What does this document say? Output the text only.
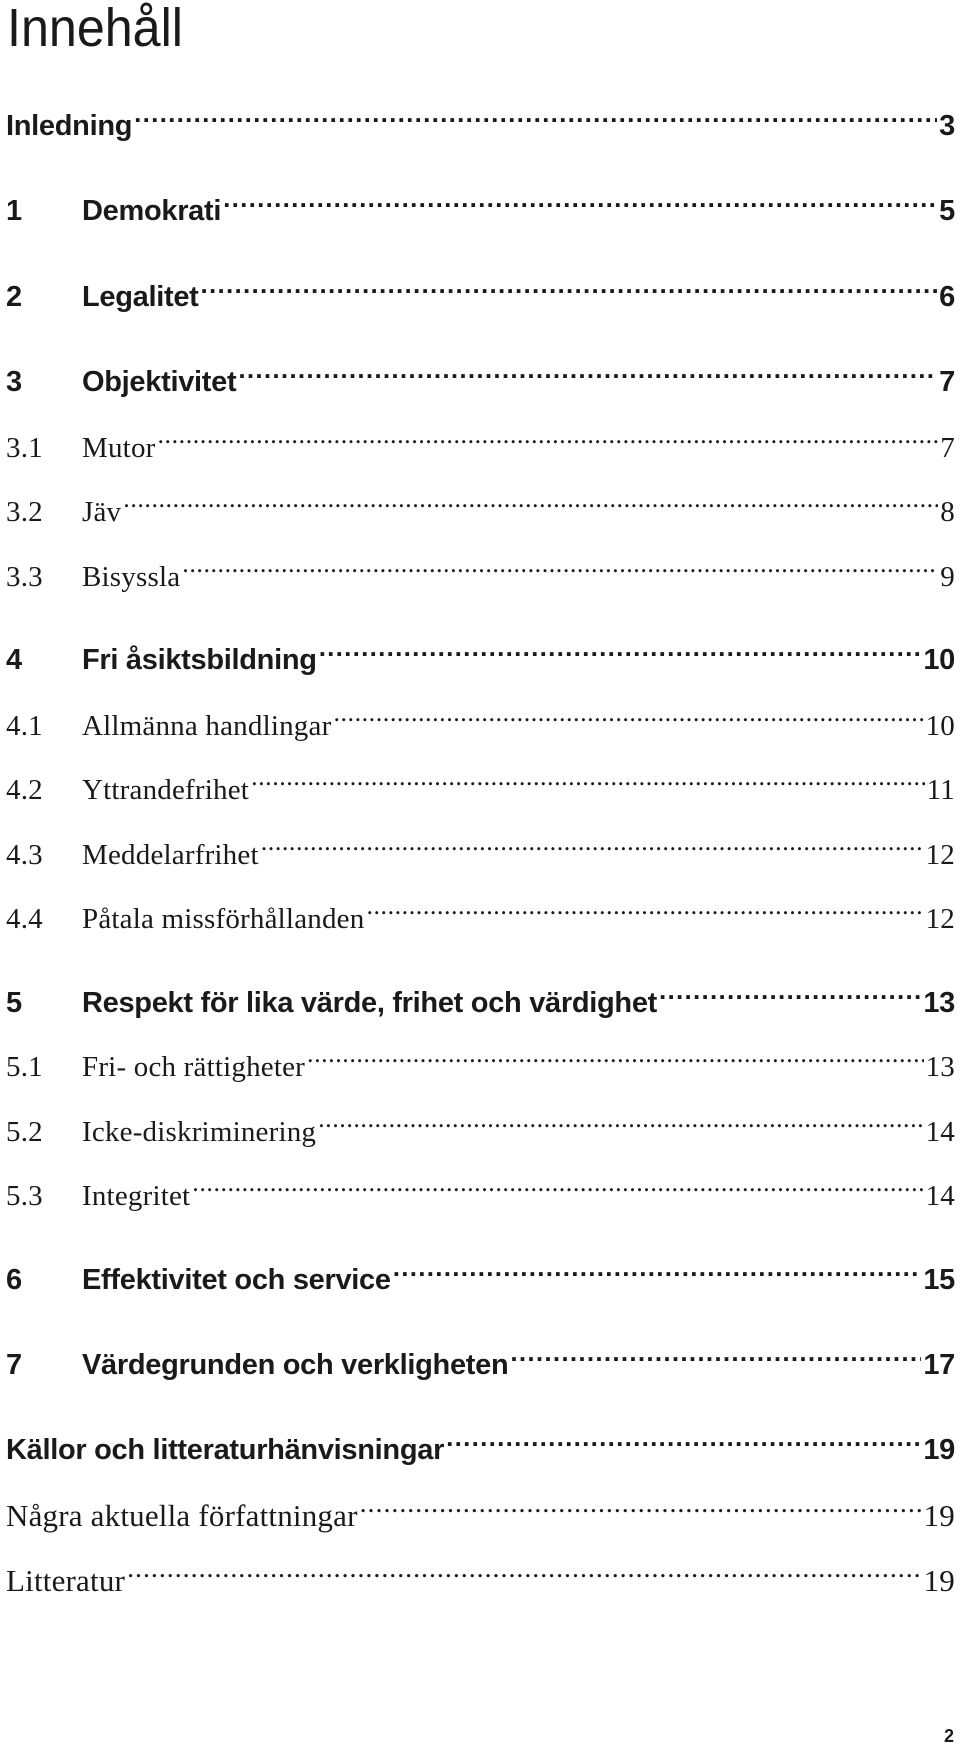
Innehåll
Inledning . . .	3
1	Demokrati . . .	5
2	Legalitet . . .	6
3	Objektivitet . . .	7
3.1	Mutor . . .	7
3.2	Jäv . . .	8
3.3	Bisyssla . . .	9
4	Fri åsiktsbildning . . .	10
4.1	Allmänna handlingar . . .	10
4.2	Yttrandefrihet . . .	11
4.3	Meddelarfrihet . . .	12
4.4	Påtala missförhållanden . . .	12
5	Respekt för lika värde, frihet och värdighet . . .	13
5.1	Fri- och rättigheter . . .	13
5.2	Icke-diskriminering . . .	14
5.3	Integritet . . .	14
6	Effektivitet och service . . .	15
7	Värdegrunden och verkligheten . . .	17
Källor och litteraturhänvisningar . . .	19
Några aktuella författningar . . .	19
Litteratur . . .	19
2
